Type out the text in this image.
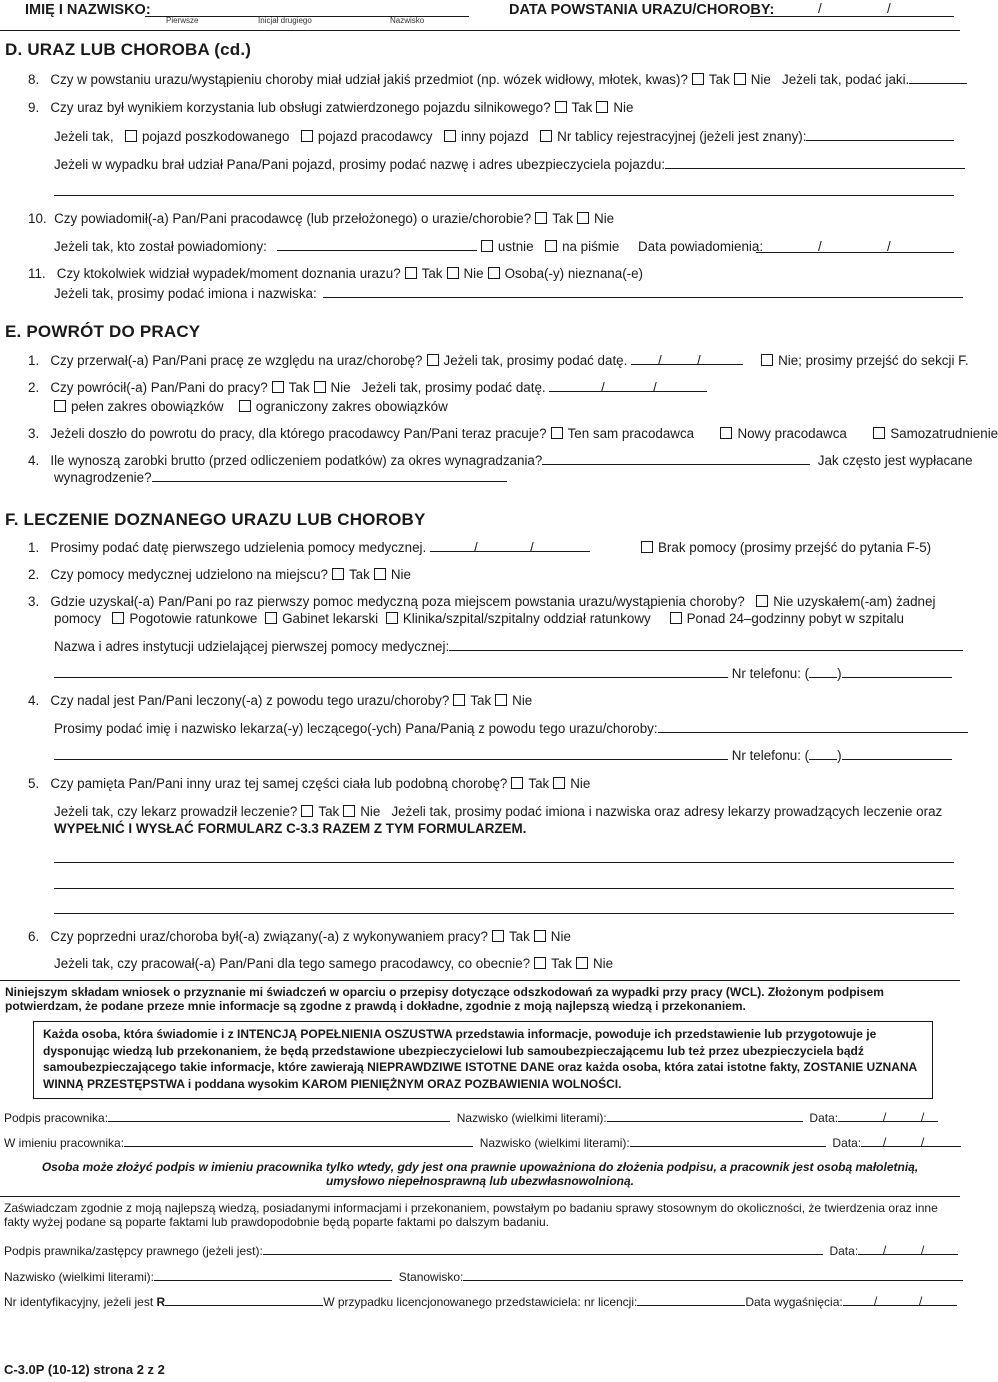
IMIĘ I NAZWISKO:
Pierwsze	Inicjał drugiego	Nazwisko
DATA POWSTANIA URAZU/CHOROBY:	/	/
D. URAZ LUB CHOROBA (cd.)
8. Czy w powstaniu urazu/wystąpieniu choroby miał udział jakiś przedmiot (np. wózek widłowy, młotek, kwas)? Tak Nie Jeżeli tak, podać jaki.
9. Czy uraz był wynikiem korzystania lub obsługi zatwierdzonego pojazdu silnikowego? Tak Nie
Jeżeli tak, pojazd poszkodowanego pojazd pracodawcy inny pojazd Nr tablicy rejestracyjnej (jeżeli jest znany):
Jeżeli w wypadku brał udział Pana/Pani pojazd, prosimy podać nazwę i adres ubezpieczyciela pojazdu:
10. Czy powiadomił(-a) Pan/Pani pracodawcę (lub przełożonego) o urazie/chorobie? Tak Nie
Jeżeli tak, kto został powiadomiony:	ustnie na piśmie Data powiadomienia:	/	/
11. Czy ktokolwiek widział wypadek/moment doznania urazu? Tak Nie Osoba(-y) nieznana(-e)
Jeżeli tak, prosimy podać imiona i nazwiska:
E. POWRÓT DO PRACY
1. Czy przerwał(-a) Pan/Pani pracę ze względu na uraz/chorobę? Jeżeli tak, prosimy podać datę.	Nie; prosimy przejść do sekcji F.
/	/
2. Czy powrócił(-a) Pan/Pani do pracy? Tak Nie Jeżeli tak, prosimy podać datę.	/	/
pełen zakres obowiązków ograniczony zakres obowiązków
3. Jeżeli doszło do powrotu do pracy, dla którego pracodawcy Pan/Pani teraz pracuje? Ten sam pracodawca	Nowy pracodawca	Samozatrudnienie
4. Ile wynoszą zarobki brutto (przed odliczeniem podatków) za okres wynagradzania?	Jak często jest wypłacane
wynagrodzenie?
F. LECZENIE DOZNANEGO URAZU LUB CHOROBY
1. Prosimy podać datę pierwszego udzielenia pomocy medycznej.	/	/	Brak pomocy (prosimy przejść do pytania F-5)
2. Czy pomocy medycznej udzielono na miejscu? Tak Nie
3. Gdzie uzyskał(-a) Pan/Pani po raz pierwszy pomoc medyczną poza miejscem powstania urazu/wystąpienia choroby? Nie uzyskałem(-am) żadnej
pomocy Pogotowie ratunkowe Gabinet lekarski Klinika/szpital/szpitalny oddział ratunkowy	Ponad 24–godzinny pobyt w szpitalu
Nazwa i adres instytucji udzielającej pierwszej pomocy medycznej:
Nr telefonu: ( )
4. Czy nadal jest Pan/Pani leczony(-a) z powodu tego urazu/choroby? Tak Nie
Prosimy podać imię i nazwisko lekarza(-y) leczącego(-ych) Pana/Panią z powodu tego urazu/choroby:
Nr telefonu: ( )
5. Czy pamięta Pan/Pani inny uraz tej samej części ciała lub podobną chorobę? Tak Nie
Jeżeli tak, czy lekarz prowadził leczenie? Tak Nie Jeżeli tak, prosimy podać imiona i nazwiska oraz adresy lekarzy prowadzących leczenie oraz
WYPEŁNIĆ I WYSŁAĆ FORMULARZ C-3.3 RAZEM Z TYM FORMULARZEM.
6. Czy poprzedni uraz/choroba był(-a) związany(-a) z wykonywaniem pracy? Tak Nie
Jeżeli tak, czy pracował(-a) Pan/Pani dla tego samego pracodawcy, co obecnie? Tak Nie
Niniejszym składam wniosek o przyznanie mi świadczeń w oparciu o przepisy dotyczące odszkodowań za wypadki przy pracy (WCL). Złożonym podpisem potwierdzam, że podane przeze mnie informacje są zgodne z prawdą i dokładne, zgodnie z moją najlepszą wiedzą i przekonaniem.
Każda osoba, która świadomie i z INTENCJĄ POPEŁNIENIA OSZUSTWA przedstawia informacje, powoduje ich przedstawienie lub przygotowuje je dysponując wiedzą lub przekonaniem, że będą przedstawione ubezpieczycielowi lub samoubezpieczającemu lub też przez ubezpieczyciela bądź samoubezpieczającego takie informacje, które zawierają NIEPRAWDZIWE ISTOTNE DANE oraz każda osoba, która zatai istotne fakty, ZOSTANIE UZNANA WINNĄ PRZESTĘPSTWA i poddana wysokim KAROM PIENIĘŻNYM ORAZ POZBAWIENIA WOLNOŚCI.
Podpis pracownika:	Nazwisko (wielkimi literami):	Data:
W imieniu pracownika:	Nazwisko (wielkimi literami):	Data:
/	/
/	/
Osoba może złożyć podpis w imieniu pracownika tylko wtedy, gdy jest ona prawnie upoważniona do złożenia podpisu, a pracownik jest osobą małoletnią, umysłowo niepełnosprawną lub ubezwłasnowolnioną.
Zaświadczam zgodnie z moją najlepszą wiedzą, posiadanymi informacjami i przekonaniem, powstałym po badaniu sprawy stosownym do okoliczności, że twierdzenia oraz inne fakty wyżej podane są poparte faktami lub prawdopodobnie będą poparte faktami po dalszym badaniu.
Podpis prawnika/zastępcy prawnego (jeżeli jest):	Data:	/	/
Nazwisko (wielkimi literami):	Stanowisko:
Nr identyfikacyjny, jeżeli jest R	W przypadku licencjonowanego przedstawiciela: nr licencji:	Data wygaśnięcia:	/	/
C-3.0P (10-12) strona 2 z 2
